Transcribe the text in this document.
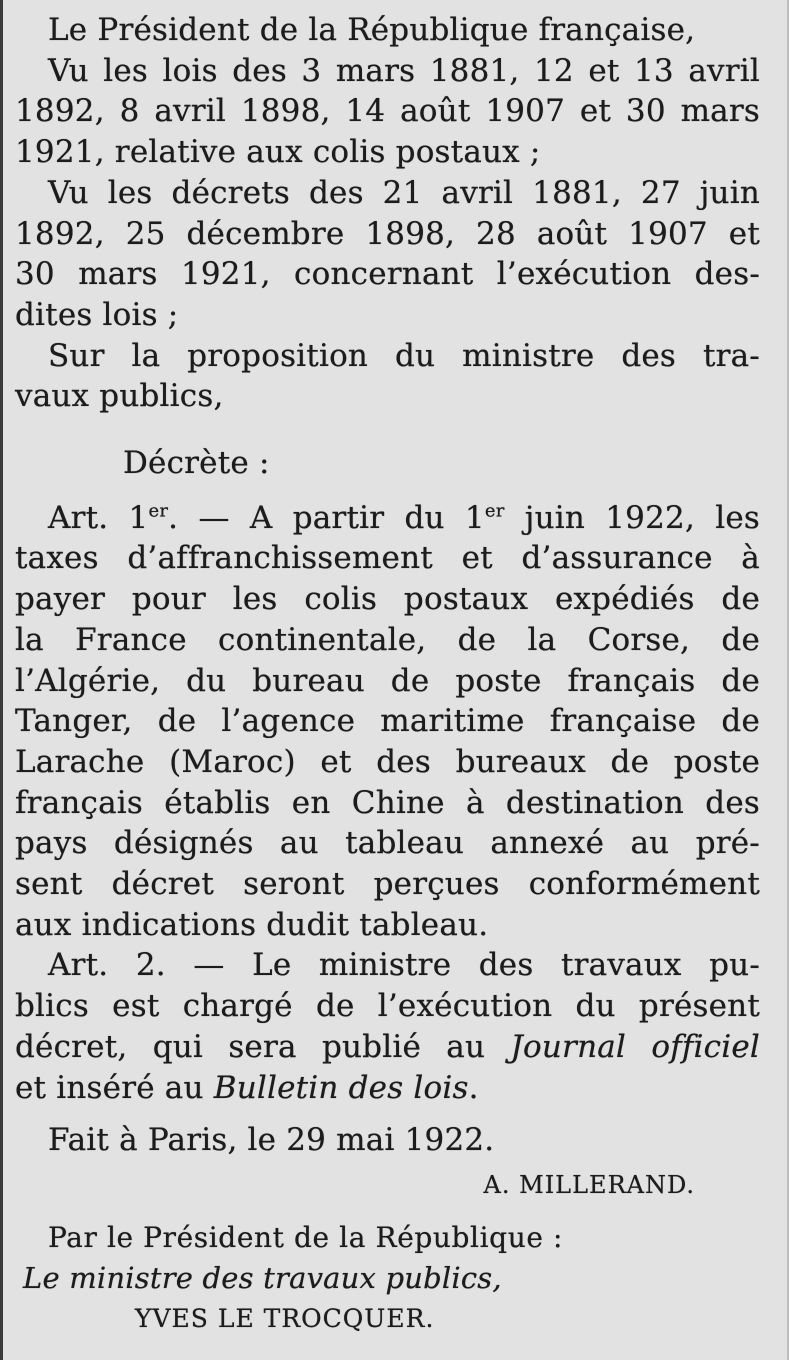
Le Président de la République française,
Vu les lois des 3 mars 1881, 12 et 13 avril
1892, 8 avril 1898, 14 août 1907 et 30 mars
1921, relative aux colis postaux ;
Vu les décrets des 21 avril 1881, 27 juin
1892, 25 décembre 1898, 28 août 1907 et
30 mars 1921, concernant l’exécution des-
dites lois ;
Sur la proposition du ministre des tra-
vaux publics,
Décrète :
Art. 1er. — A partir du 1er juin 1922, les
taxes d’affranchissement et d’assurance à
payer pour les colis postaux expédiés de
la France continentale, de la Corse, de
l’Algérie, du bureau de poste français de
Tanger, de l’agence maritime française de
Larache (Maroc) et des bureaux de poste
français établis en Chine à destination des
pays désignés au tableau annexé au pré-
sent décret seront perçues conformément
aux indications dudit tableau.
Art. 2. — Le ministre des travaux pu-
blics est chargé de l’exécution du présent
décret, qui sera publié au Journal officiel
et inséré au Bulletin des lois.
Fait à Paris, le 29 mai 1922.
A. MILLERAND.
Par le Président de la République :
Le ministre des travaux publics,
YVES LE TROCQUER.
